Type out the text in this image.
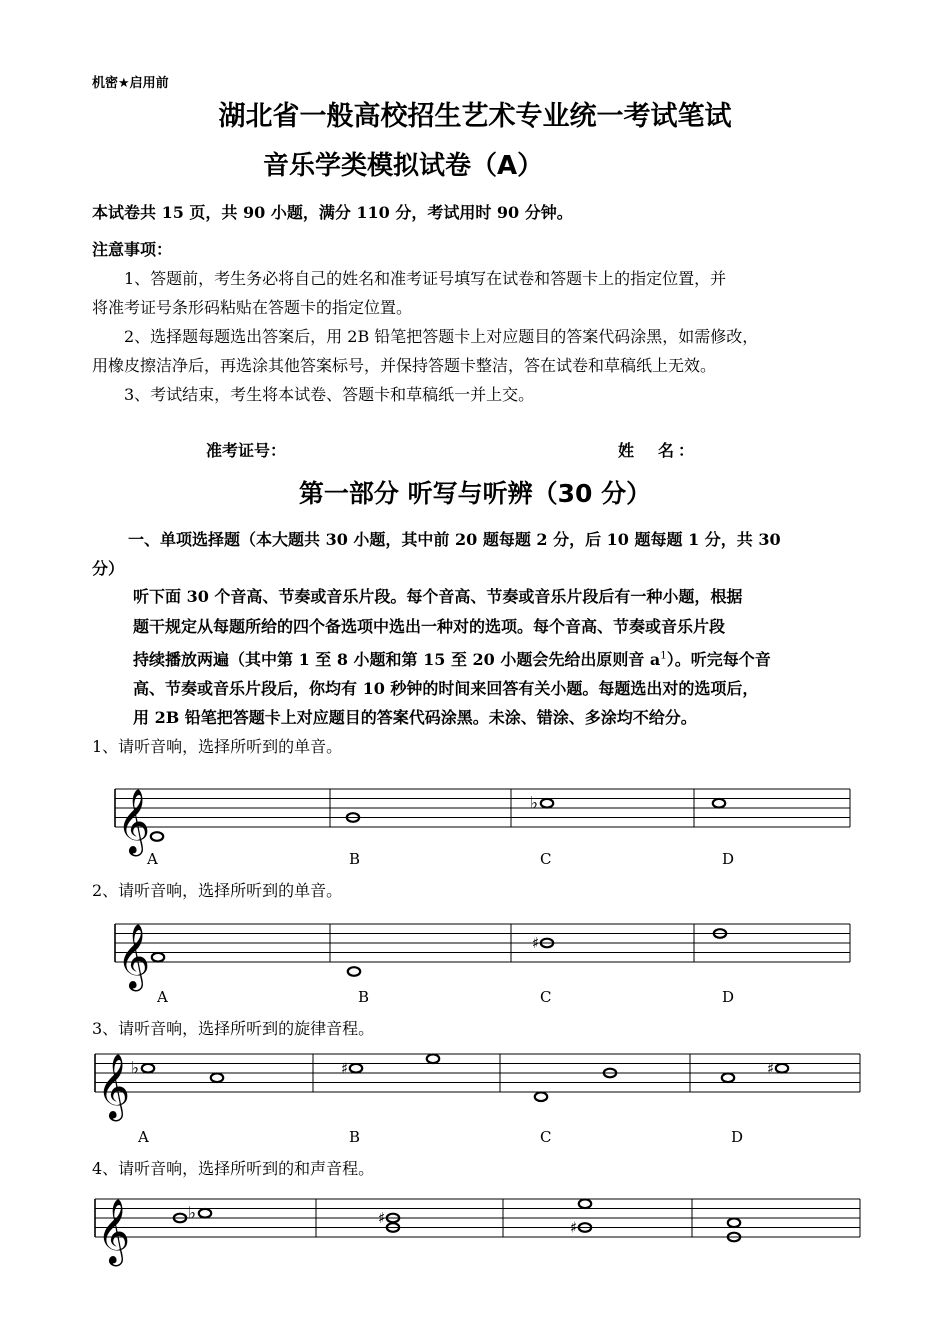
机密★启用前
湖北省一般高校招生艺术专业统一考试笔试
音乐学类模拟试卷（A）
本试卷共 15 页，共 90 小题，满分 110 分，考试用时 90 分钟。
注意事项：
1、答题前，考生务必将自己的姓名和准考证号填写在试卷和答题卡上的指定位置，并
将准考证号条形码粘贴在答题卡的指定位置。
2、选择题每题选出答案后，用 2B 铅笔把答题卡上对应题目的答案代码涂黑，如需修改，
用橡皮擦洁净后，再选涂其他答案标号，并保持答题卡整洁，答在试卷和草稿纸上无效。
3、考试结束，考生将本试卷、答题卡和草稿纸一并上交。
准考证号：	姓　名：
第一部分 听写与听辨（30 分）
一、单项选择题（本大题共 30 小题，其中前 20 题每题 2 分，后 10 题每题 1 分，共 30
分）
听下面 30 个音高、节奏或音乐片段。每个音高、节奏或音乐片段后有一种小题，根据
题干规定从每题所给的四个备选项中选出一种对的选项。每个音高、节奏或音乐片段
持续播放两遍（其中第 1 至 8 小题和第 15 至 20 小题会先给出原则音 $a^1$）。听完每个音
高、节奏或音乐片段后，你均有 10 秒钟的时间来回答有关小题。每题选出对的选项后，
用 2B 铅笔把答题卡上对应题目的答案代码涂黑。未涂、错涂、多涂均不给分。
1、请听音响，选择所听到的单音。
𝄞	♭
𝄞	♯
𝄞 ♭	♯	♯
𝄞	♭	♯
♯
A	B	C	D
2、请听音响，选择所听到的单音。
A	B	C	D
3、请听音响，选择所听到的旋律音程。
A	B	C	D
4、请听音响，选择所听到的和声音程。
